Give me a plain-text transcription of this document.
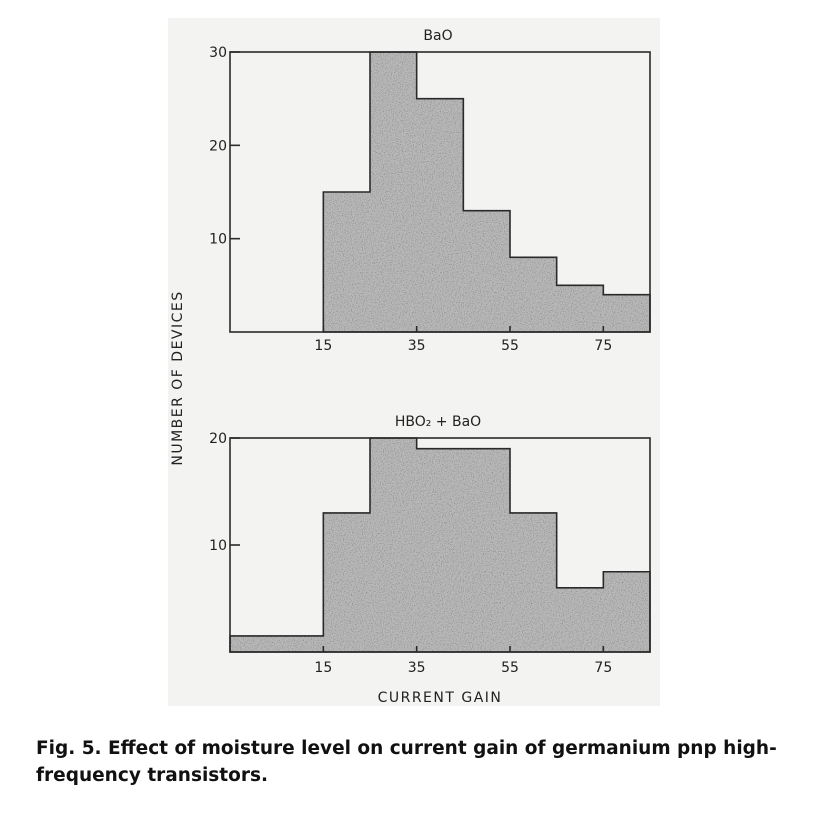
10
20
30
15	35	55	75
BaO
10
20
15	35	55	75
HBO₂ + BaO
NUMBER OF DEVICES
CURRENT GAIN
Fig. 5. Effect of moisture level on current gain of germanium pnp high-frequency transistors.
